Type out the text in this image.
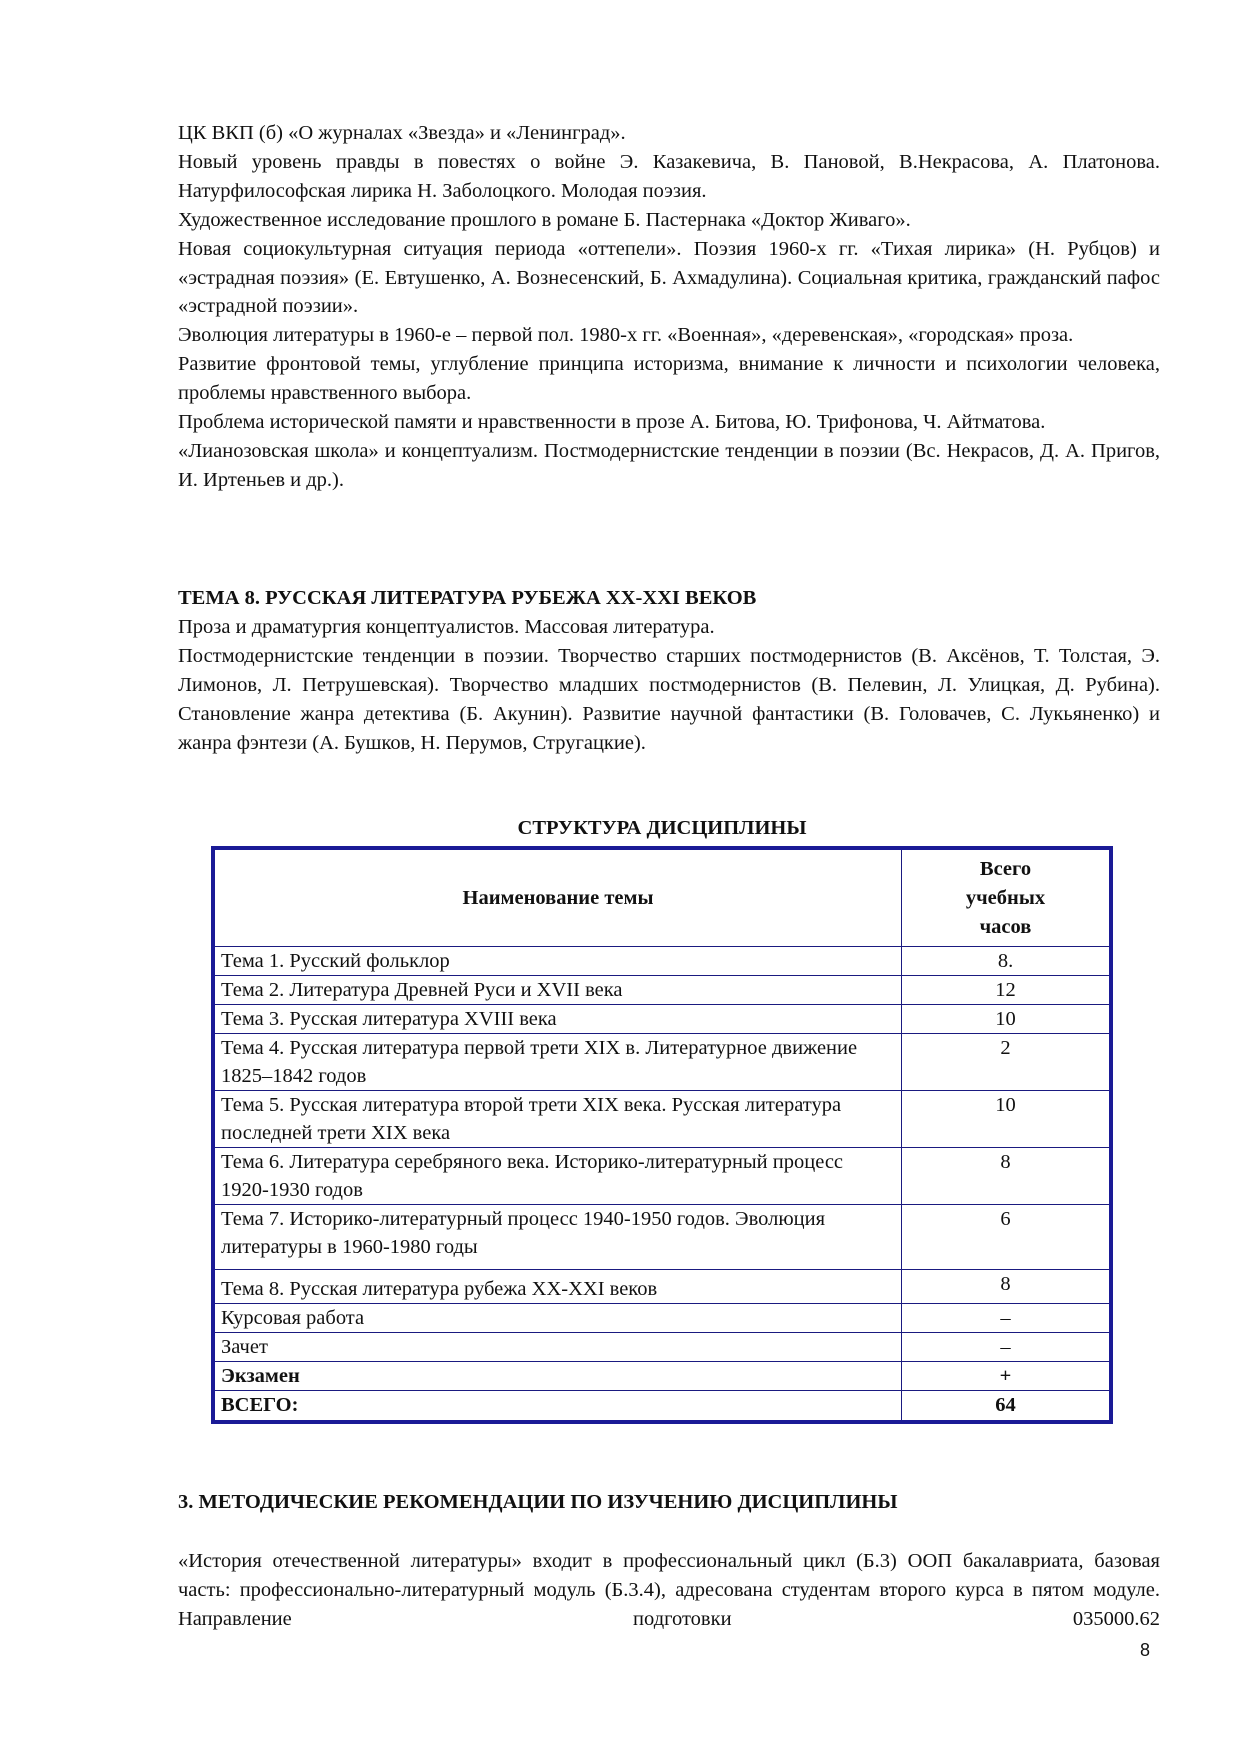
ЦК ВКП (б) «О журналах «Звезда» и «Ленинград».

Новый уровень правды в повестях о войне Э. Казакевича, В. Пановой, В.Некрасова, А. Платонова. Натурфилософская лирика Н. Заболоцкого. Молодая поэзия.

Художественное исследование прошлого в романе Б. Пастернака «Доктор Живаго».

Новая социокультурная ситуация периода «оттепели». Поэзия 1960-х гг. «Тихая лирика» (Н. Рубцов) и «эстрадная поэзия» (Е. Евтушенко, А. Вознесенский, Б. Ахмадулина). Социальная критика, гражданский пафос «эстрадной поэзии».

Эволюция литературы в 1960-е – первой пол. 1980-х гг. «Военная», «деревенская», «городская» проза.

Развитие фронтовой темы, углубление принципа историзма, внимание к личности и психологии человека, проблемы нравственного выбора.

Проблема исторической памяти и нравственности в прозе А. Битова, Ю. Трифонова, Ч. Айтматова.

«Лианозовская школа» и концептуализм. Постмодернистские тенденции в поэзии (Вс. Некрасов, Д. А. Пригов, И. Иртеньев и др.).

ТЕМА 8. РУССКАЯ ЛИТЕРАТУРА РУБЕЖА XX-XXI ВЕКОВ

Проза и драматургия концептуалистов. Массовая литература.

Постмодернистские тенденции в поэзии. Творчество старших постмодернистов (В. Аксёнов, Т. Толстая, Э. Лимонов, Л. Петрушевская). Творчество младших постмодернистов (В. Пелевин, Л. Улицкая, Д. Рубина). Становление жанра детектива (Б. Акунин). Развитие научной фантастики (В. Головачев, С. Лукьяненко) и жанра фэнтези (А. Бушков, Н. Перумов, Стругацкие).

СТРУКТУРА ДИСЦИПЛИНЫ
Наименование темы	Всего учебных часов

Тема 1. Русский фольклор	8.
Тема 2. Литература Древней Руси и XVII века	12
Тема 3. Русская литература XVIII века	10
Тема 4. Русская литература первой трети XIX в. Литературное движение 1825–1842 годов	2
Тема 5. Русская литература второй трети XIX века. Русская литература последней трети XIX века	10
Тема 6. Литература серебряного века. Историко-литературный процесс 1920-1930 годов	8
Тема 7. Историко-литературный процесс 1940-1950 годов. Эволюция литературы в 1960-1980 годы	6
Тема 8. Русская литература рубежа XX-XXI веков	8
Курсовая работа	–
Зачет	–
Экзамен	+
ВСЕГО:	64
3. МЕТОДИЧЕСКИЕ РЕКОМЕНДАЦИИ ПО ИЗУЧЕНИЮ ДИСЦИПЛИНЫ

«История отечественной литературы» входит в профессиональный цикл (Б.3) ООП бакалавриата, базовая часть: профессионально-литературный модуль (Б.3.4), адресована студентам второго курса в пятом модуле. Направление подготовки 035000.62

8
